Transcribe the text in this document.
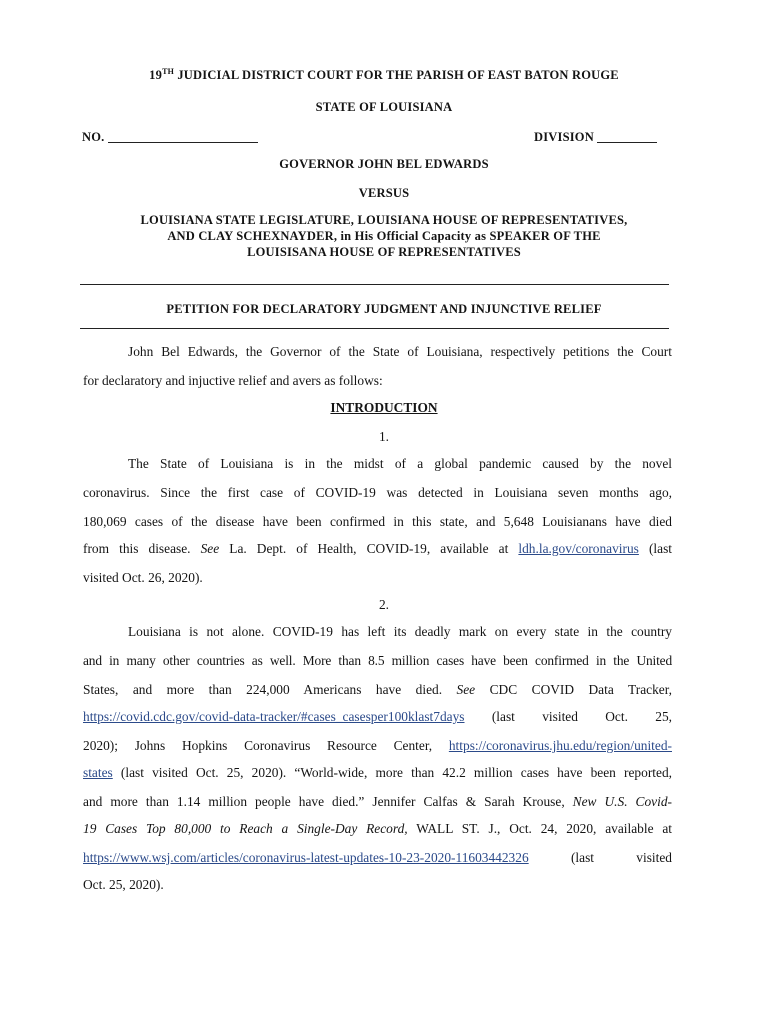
19TH JUDICIAL DISTRICT COURT FOR THE PARISH OF EAST BATON ROUGE
STATE OF LOUISIANA
NO.	DIVISION
GOVERNOR JOHN BEL EDWARDS
VERSUS
LOUISIANA STATE LEGISLATURE, LOUISIANA HOUSE OF REPRESENTATIVES,
AND CLAY SCHEXNAYDER, in His Official Capacity as SPEAKER OF THE
LOUISISANA HOUSE OF REPRESENTATIVES
PETITION FOR DECLARATORY JUDGMENT AND INJUNCTIVE RELIEF
John Bel Edwards, the Governor of the State of Louisiana, respectively petitions the Court
for declaratory and injuctive relief and avers as follows:
INTRODUCTION
1.
The State of Louisiana is in the midst of a global pandemic caused by the novel
coronavirus. Since the first case of COVID-19 was detected in Louisiana seven months ago,
180,069 cases of the disease have been confirmed in this state, and 5,648 Louisianans have died
from this disease. See La. Dept. of Health, COVID-19, available at ldh.la.gov/coronavirus (last
visited Oct. 26, 2020).
2.
Louisiana is not alone. COVID-19 has left its deadly mark on every state in the country
and in many other countries as well. More than 8.5 million cases have been confirmed in the United
States, and more than 224,000 Americans have died. See CDC COVID Data Tracker,
https://covid.cdc.gov/covid-data-tracker/#cases_casesper100klast7days (last visited Oct. 25,
2020); Johns Hopkins Coronavirus Resource Center, https://coronavirus.jhu.edu/region/united-
states (last visited Oct. 25, 2020). “World-wide, more than 42.2 million cases have been reported,
and more than 1.14 million people have died.” Jennifer Calfas & Sarah Krouse, New U.S. Covid-
19 Cases Top 80,000 to Reach a Single-Day Record, WALL ST. J., Oct. 24, 2020, available at
https://www.wsj.com/articles/coronavirus-latest-updates-10-23-2020-11603442326 (last visited
Oct. 25, 2020).
